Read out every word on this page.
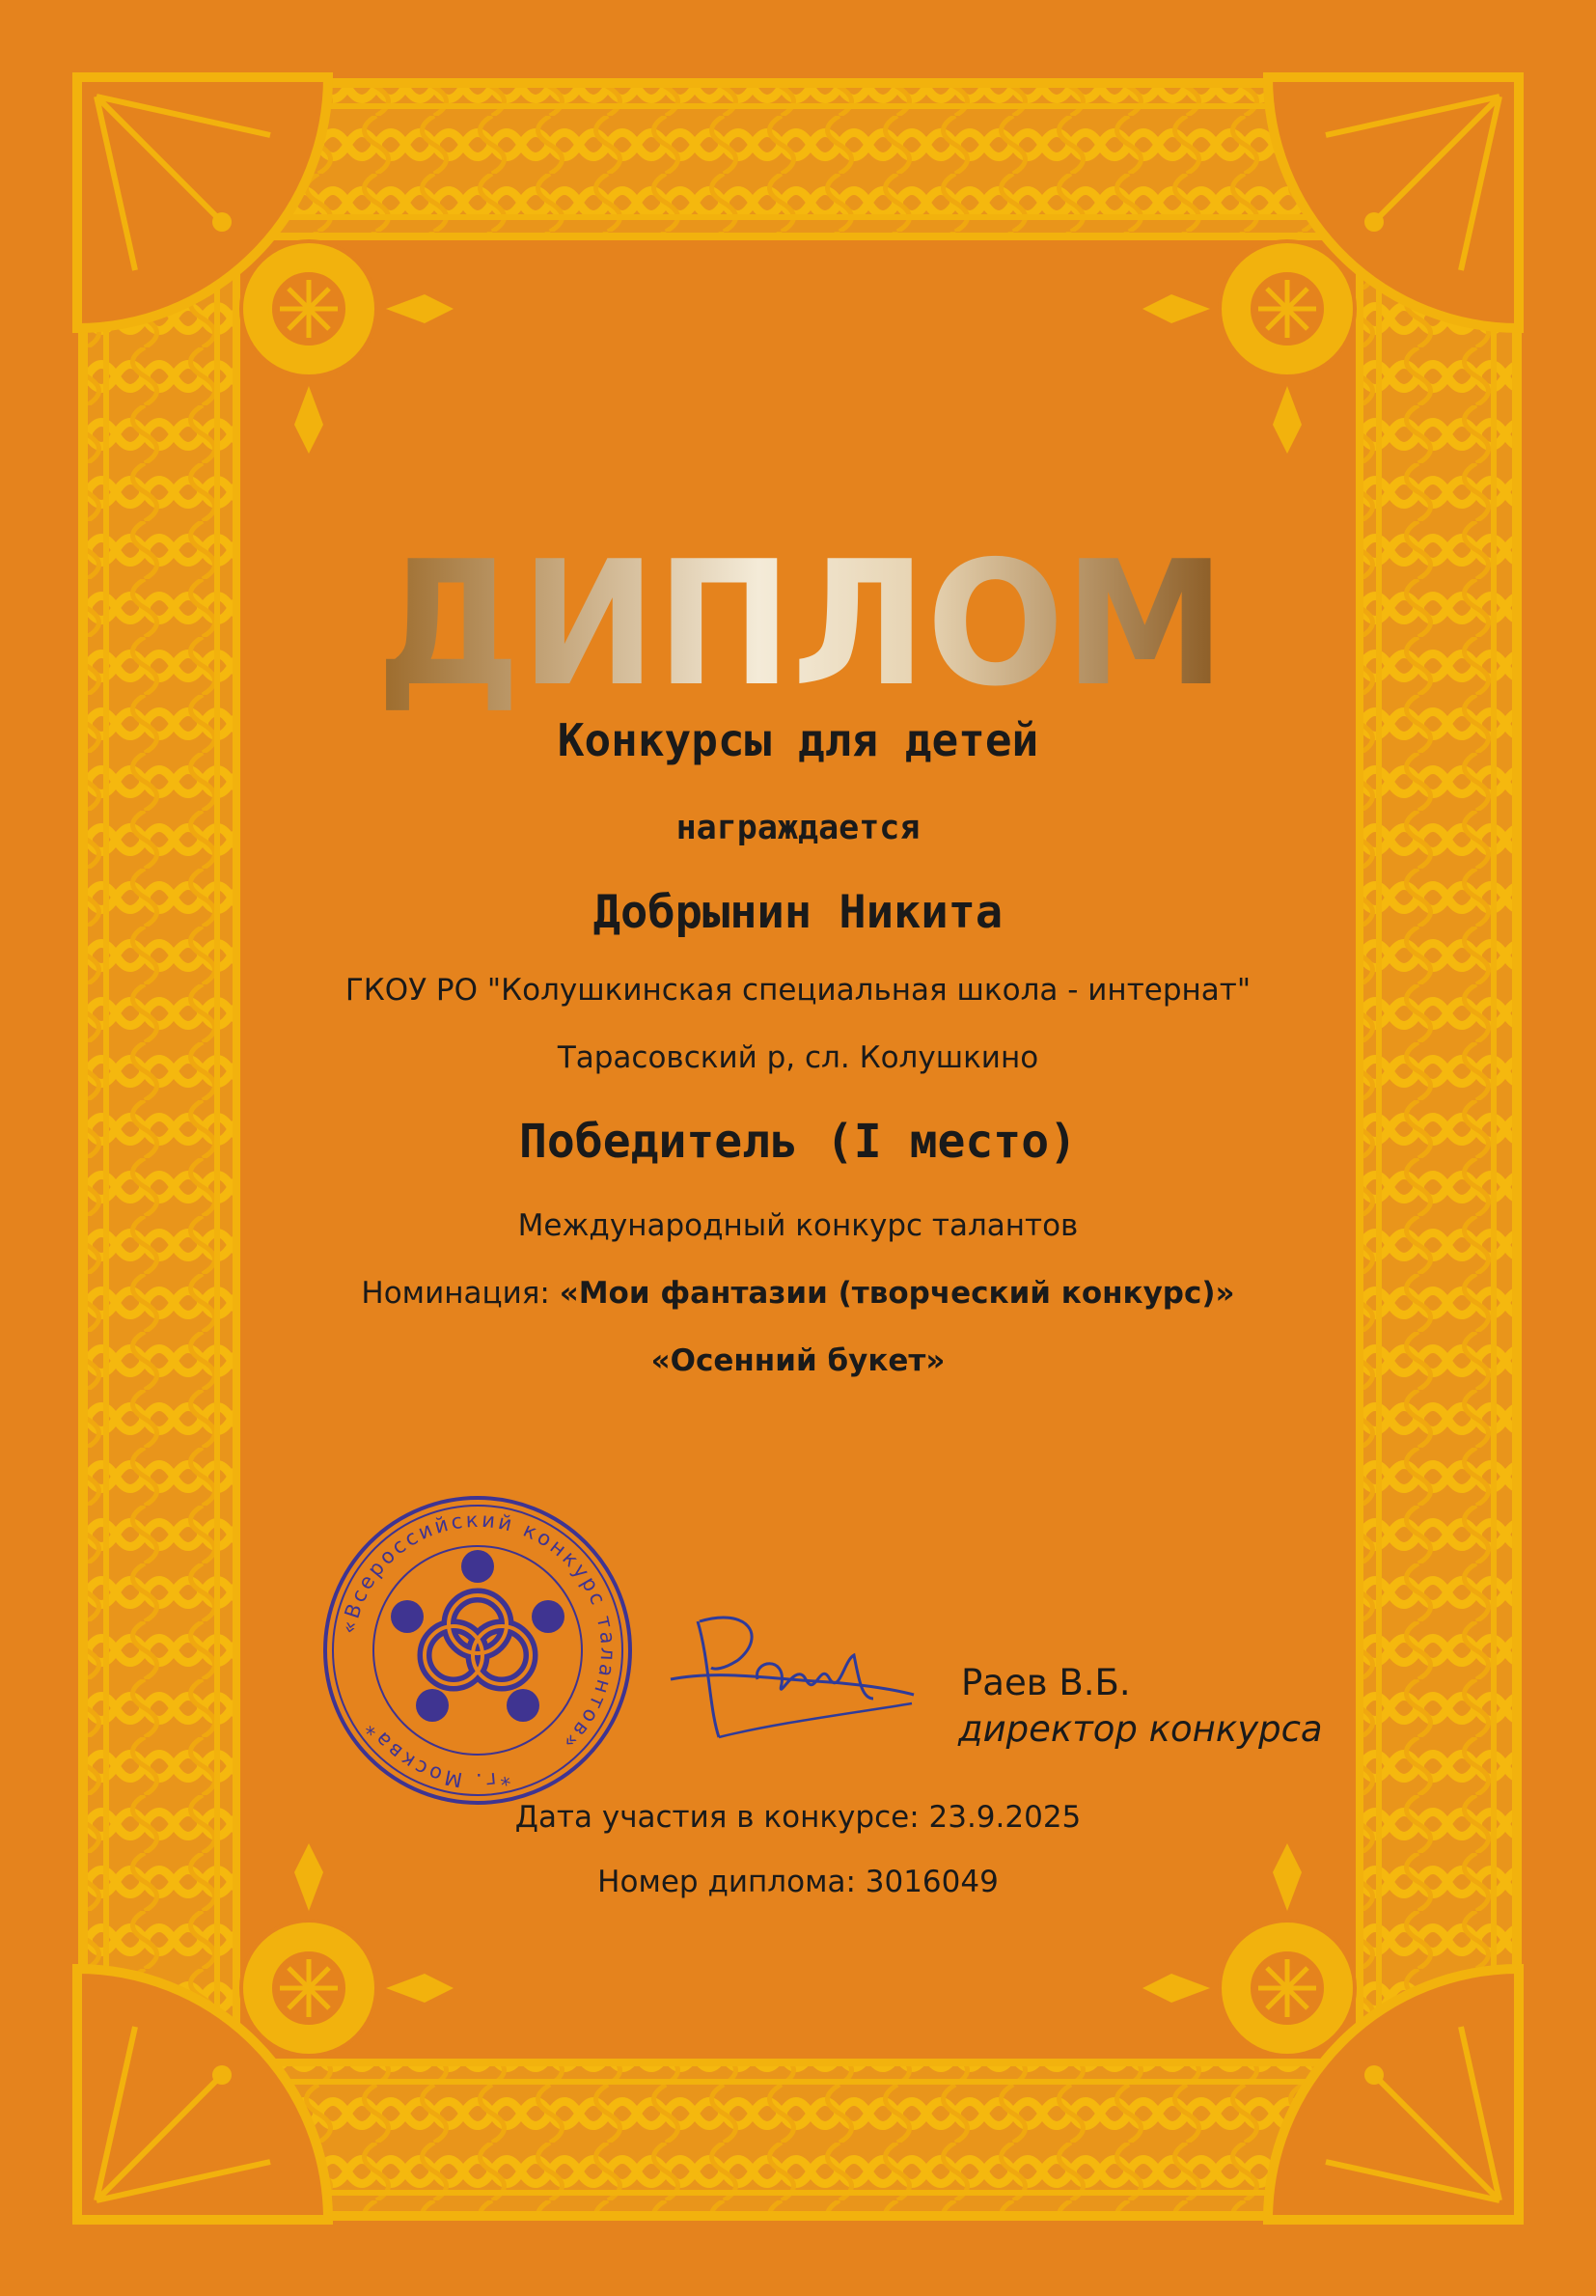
ДИПЛОМ
Конкурсы для детей
награждается
Добрынин Никита
ГКОУ РО "Колушкинская специальная школа - интернат"
Тарасовский р, сл. Колушкино
Победитель (I место)
Международный конкурс талантов
Номинация: «Мои фантазии (творческий конкурс)»
«Осенний букет»
«Всероссийский конкурс талантов»
*г. Москва*
Раев В.Б.
директор конкурса
Дата участия в конкурсе: 23.9.2025
Номер диплома: 3016049
